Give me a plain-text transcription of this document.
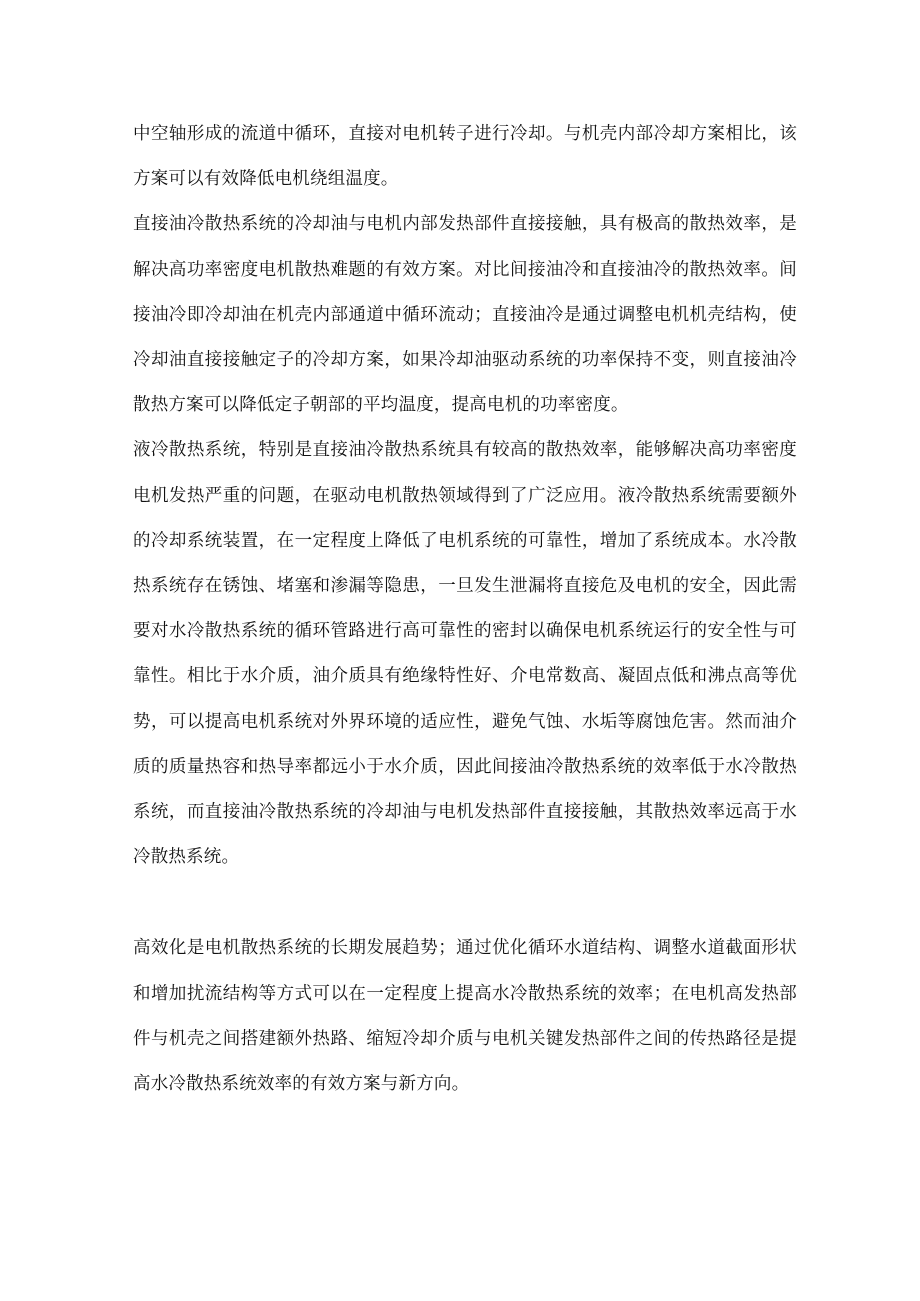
中空轴形成的流道中循环，直接对电机转子进行冷却。与机壳内部冷却方案相比，该方案可以有效降低电机绕组温度。

直接油冷散热系统的冷却油与电机内部发热部件直接接触，具有极高的散热效率，是解决高功率密度电机散热难题的有效方案。对比间接油冷和直接油冷的散热效率。间接油冷即冷却油在机壳内部通道中循环流动；直接油冷是通过调整电机机壳结构，使冷却油直接接触定子的冷却方案，如果冷却油驱动系统的功率保持不变，则直接油冷散热方案可以降低定子朝部的平均温度，提高电机的功率密度。

液冷散热系统，特别是直接油冷散热系统具有较高的散热效率，能够解决高功率密度电机发热严重的问题，在驱动电机散热领域得到了广泛应用。液冷散热系统需要额外的冷却系统装置，在一定程度上降低了电机系统的可靠性，增加了系统成本。水冷散热系统存在锈蚀、堵塞和渗漏等隐患，一旦发生泄漏将直接危及电机的安全，因此需要对水冷散热系统的循环管路进行高可靠性的密封以确保电机系统运行的安全性与可靠性。相比于水介质，油介质具有绝缘特性好、介电常数高、凝固点低和沸点高等优势，可以提高电机系统对外界环境的适应性，避免气蚀、水垢等腐蚀危害。然而油介质的质量热容和热导率都远小于水介质，因此间接油冷散热系统的效率低于水冷散热系统，而直接油冷散热系统的冷却油与电机发热部件直接接触，其散热效率远高于水冷散热系统。

高效化是电机散热系统的长期发展趋势；通过优化循环水道结构、调整水道截面形状和增加扰流结构等方式可以在一定程度上提高水冷散热系统的效率；在电机高发热部件与机壳之间搭建额外热路、缩短冷却介质与电机关键发热部件之间的传热路径是提高水冷散热系统效率的有效方案与新方向。
